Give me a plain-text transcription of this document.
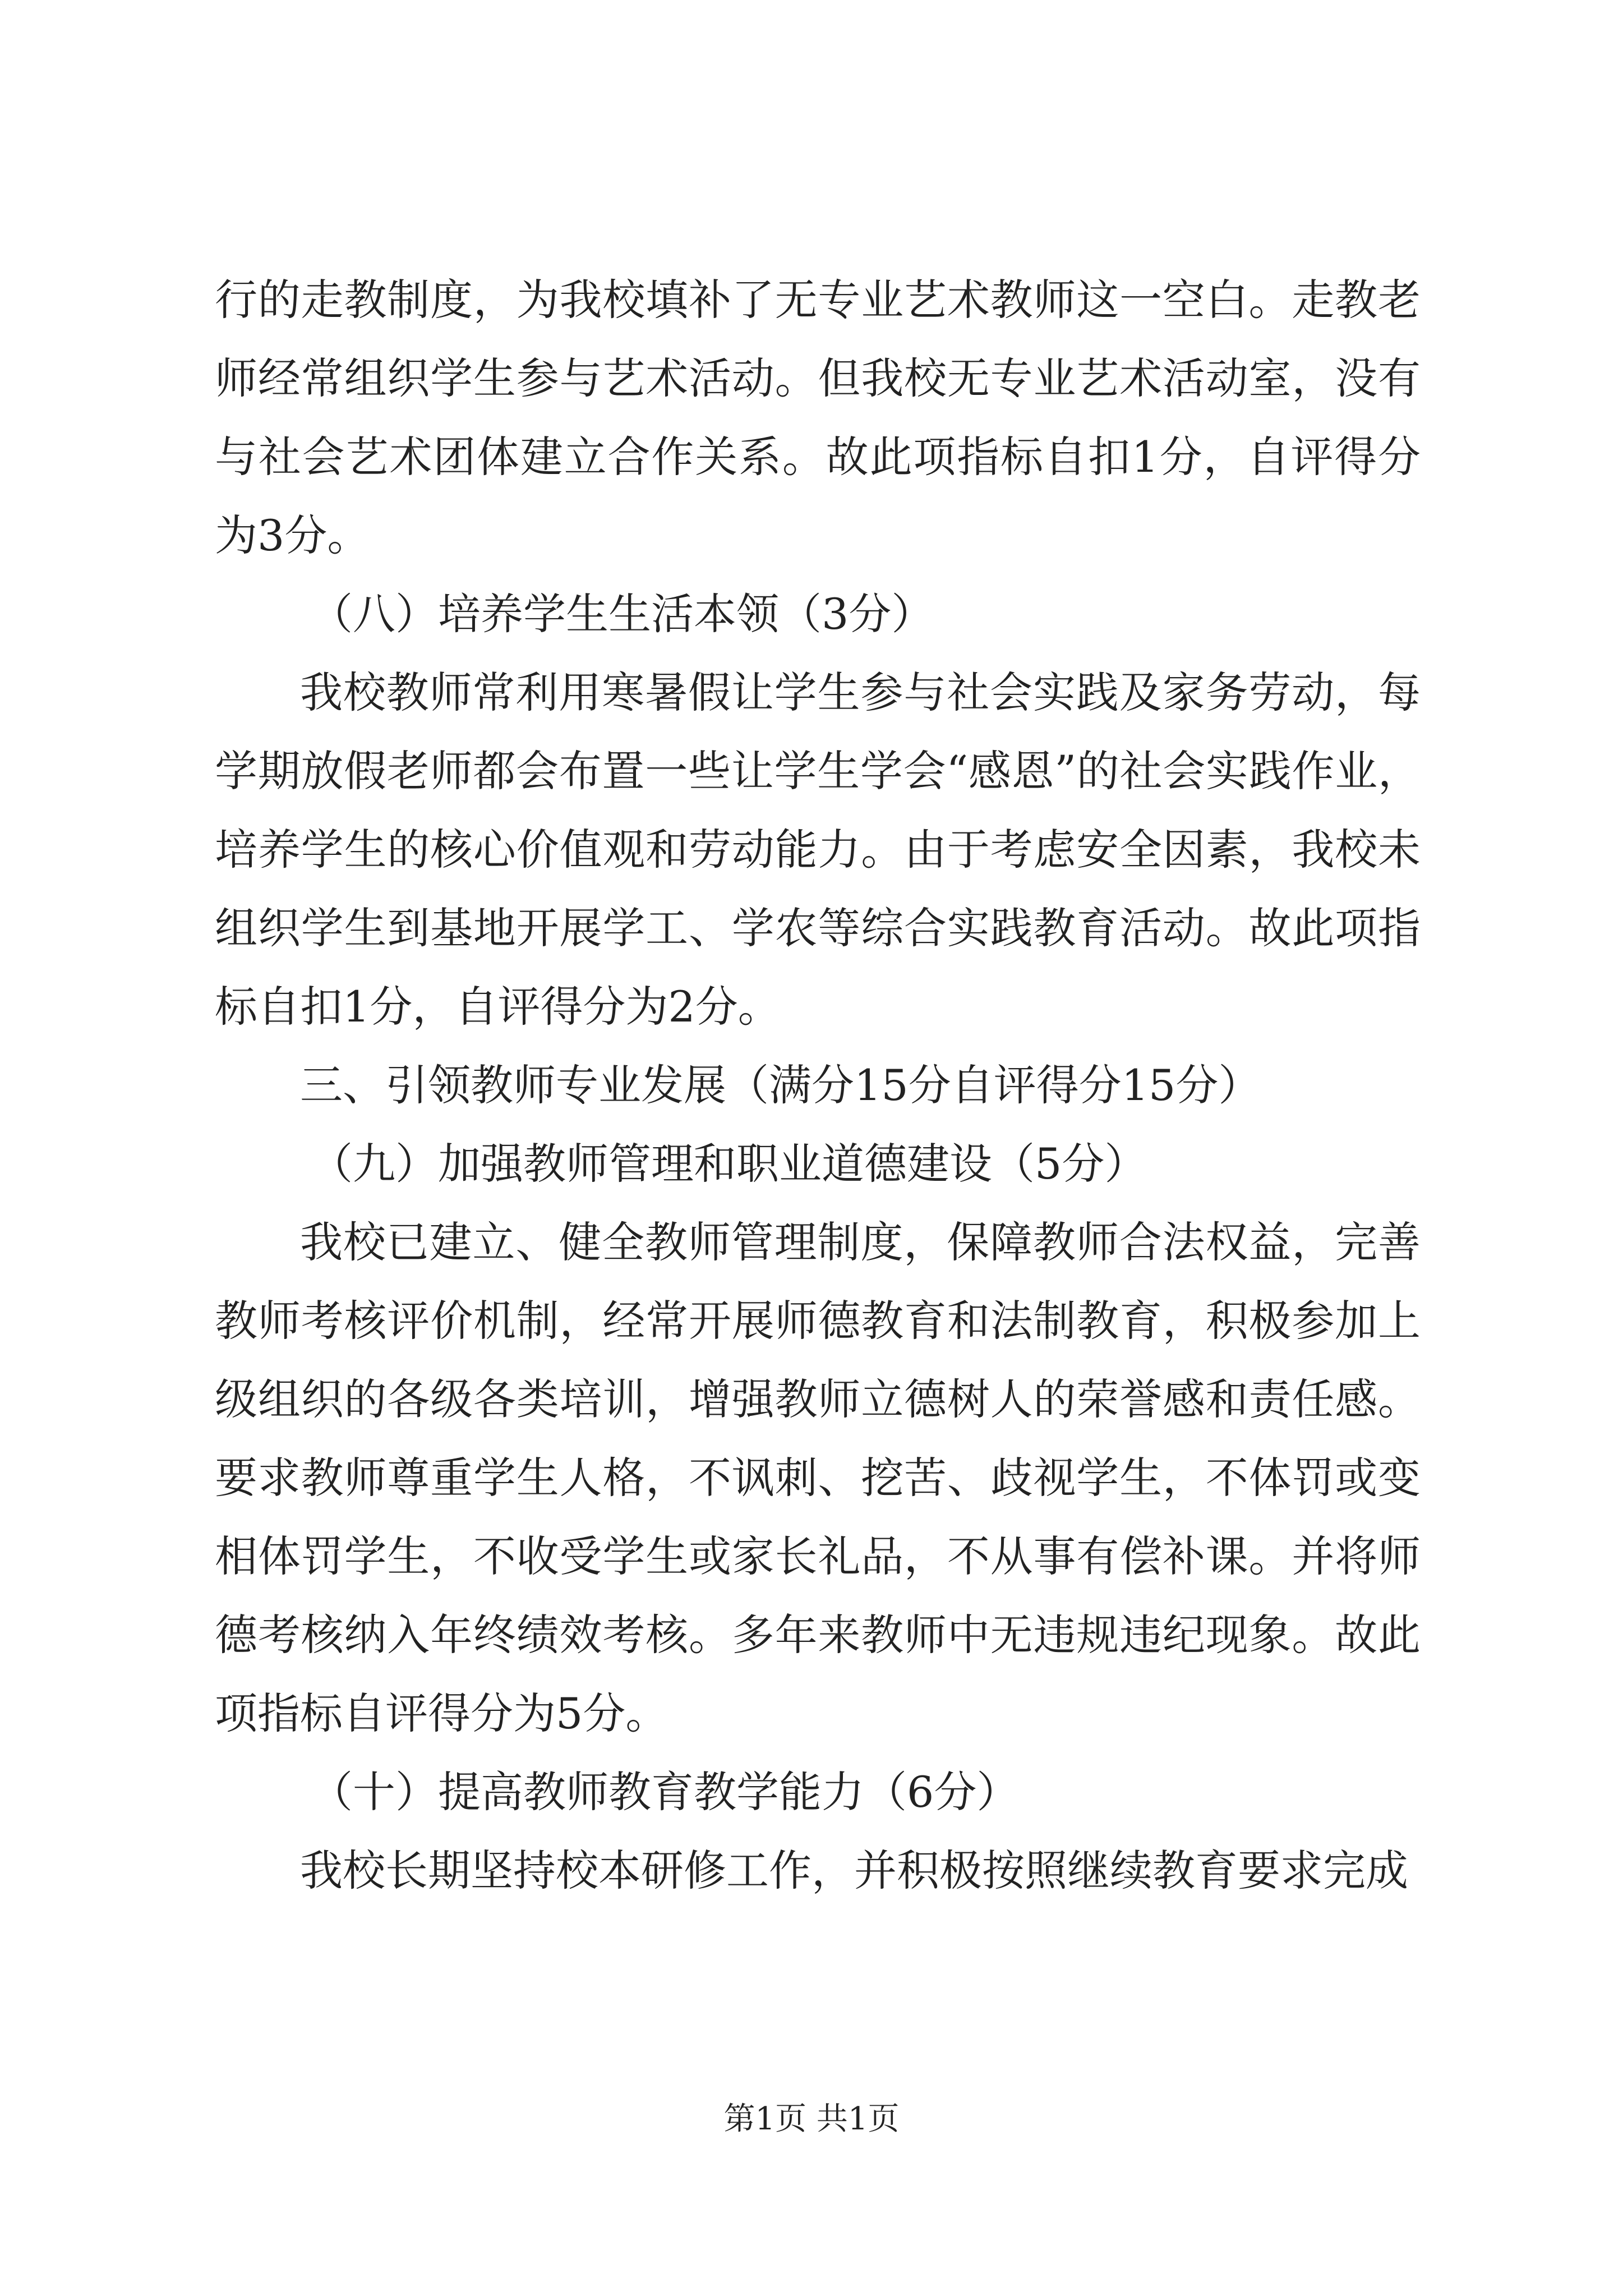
行的走教制度，为我校填补了无专业艺术教师这一空白。走教老师经常组织学生参与艺术活动。但我校无专业艺术活动室，没有与社会艺术团体建立合作关系。故此项指标自扣1分，自评得分为3分。

（八）培养学生生活本领（3分）

我校教师常利用寒暑假让学生参与社会实践及家务劳动，每学期放假老师都会布置一些让学生学会“感恩”的社会实践作业，培养学生的核心价值观和劳动能力。由于考虑安全因素，我校未组织学生到基地开展学工、学农等综合实践教育活动。故此项指标自扣1分，自评得分为2分。

三、引领教师专业发展（满分15分自评得分15分）

（九）加强教师管理和职业道德建设（5分）

我校已建立、健全教师管理制度，保障教师合法权益，完善教师考核评价机制，经常开展师德教育和法制教育，积极参加上级组织的各级各类培训，增强教师立德树人的荣誉感和责任感。要求教师尊重学生人格，不讽刺、挖苦、歧视学生，不体罚或变相体罚学生，不收受学生或家长礼品，不从事有偿补课。并将师德考核纳入年终绩效考核。多年来教师中无违规违纪现象。故此项指标自评得分为5分。

（十）提高教师教育教学能力（6分）

我校长期坚持校本研修工作，并积极按照继续教育要求完成

第1页 共1页
